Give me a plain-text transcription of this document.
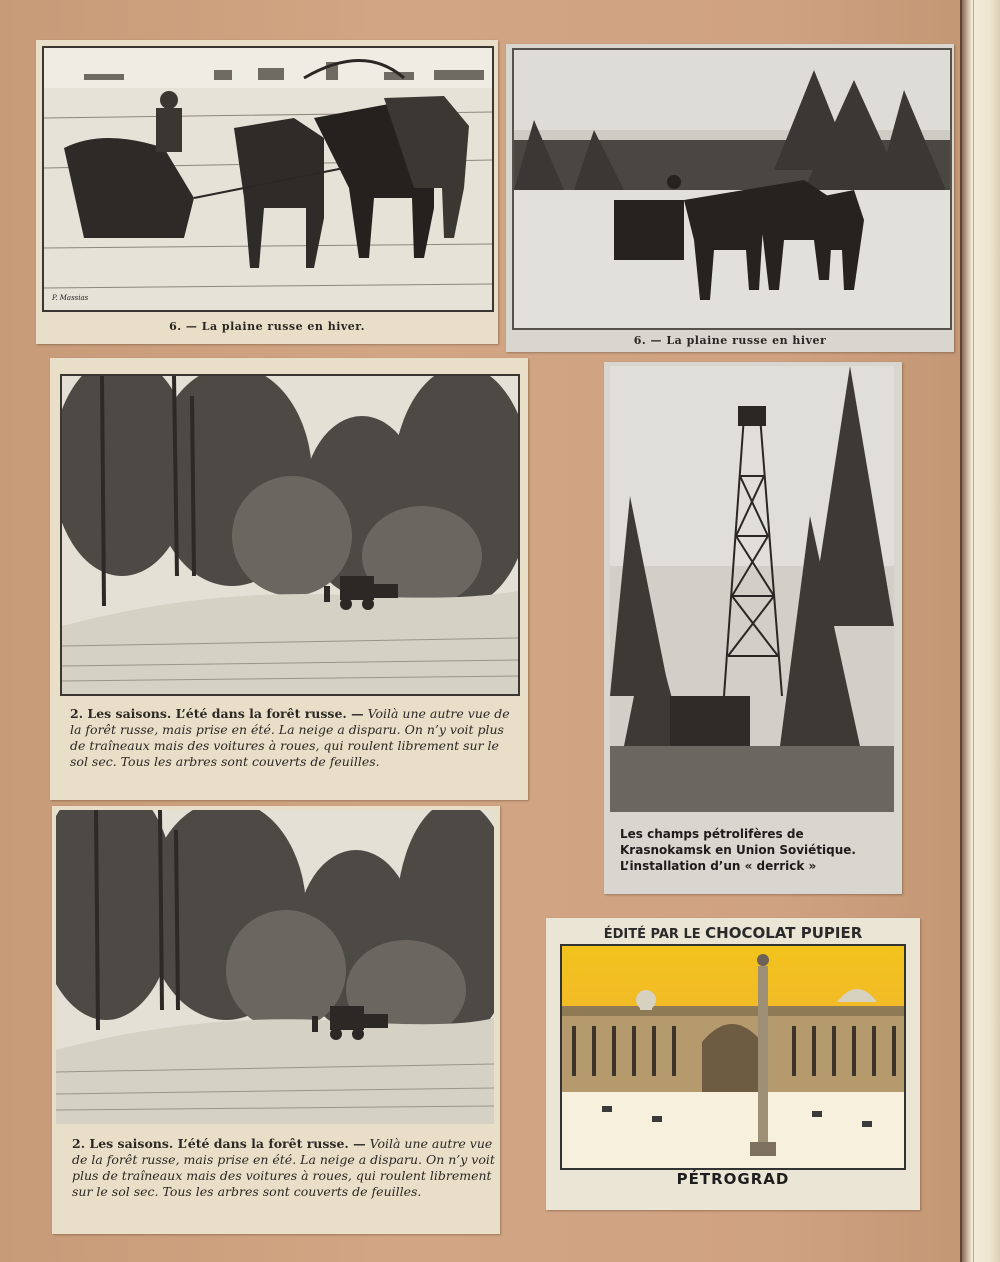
P. Massias
6. — La plaine russe en hiver.
6. — La plaine russe en hiver
2. Les saisons. L’été dans la forêt russe. — Voilà une autre vue de la forêt russe, mais prise en été. La neige a disparu. On n’y voit plus de traîneaux mais des voitures à roues, qui roulent librement sur le sol sec. Tous les arbres sont couverts de feuilles.
Les champs pétrolifères de Krasnokamsk en Union Soviétique. L’installation d’un « derrick »
2. Les saisons. L’été dans la forêt russe. — Voilà une autre vue de la forêt russe, mais prise en été. La neige a disparu. On n’y voit plus de traîneaux mais des voitures à roues, qui roulent librement sur le sol sec. Tous les arbres sont couverts de feuilles.
ÉDITÉ PAR LE CHOCOLAT PUPIER
PÉTROGRAD
